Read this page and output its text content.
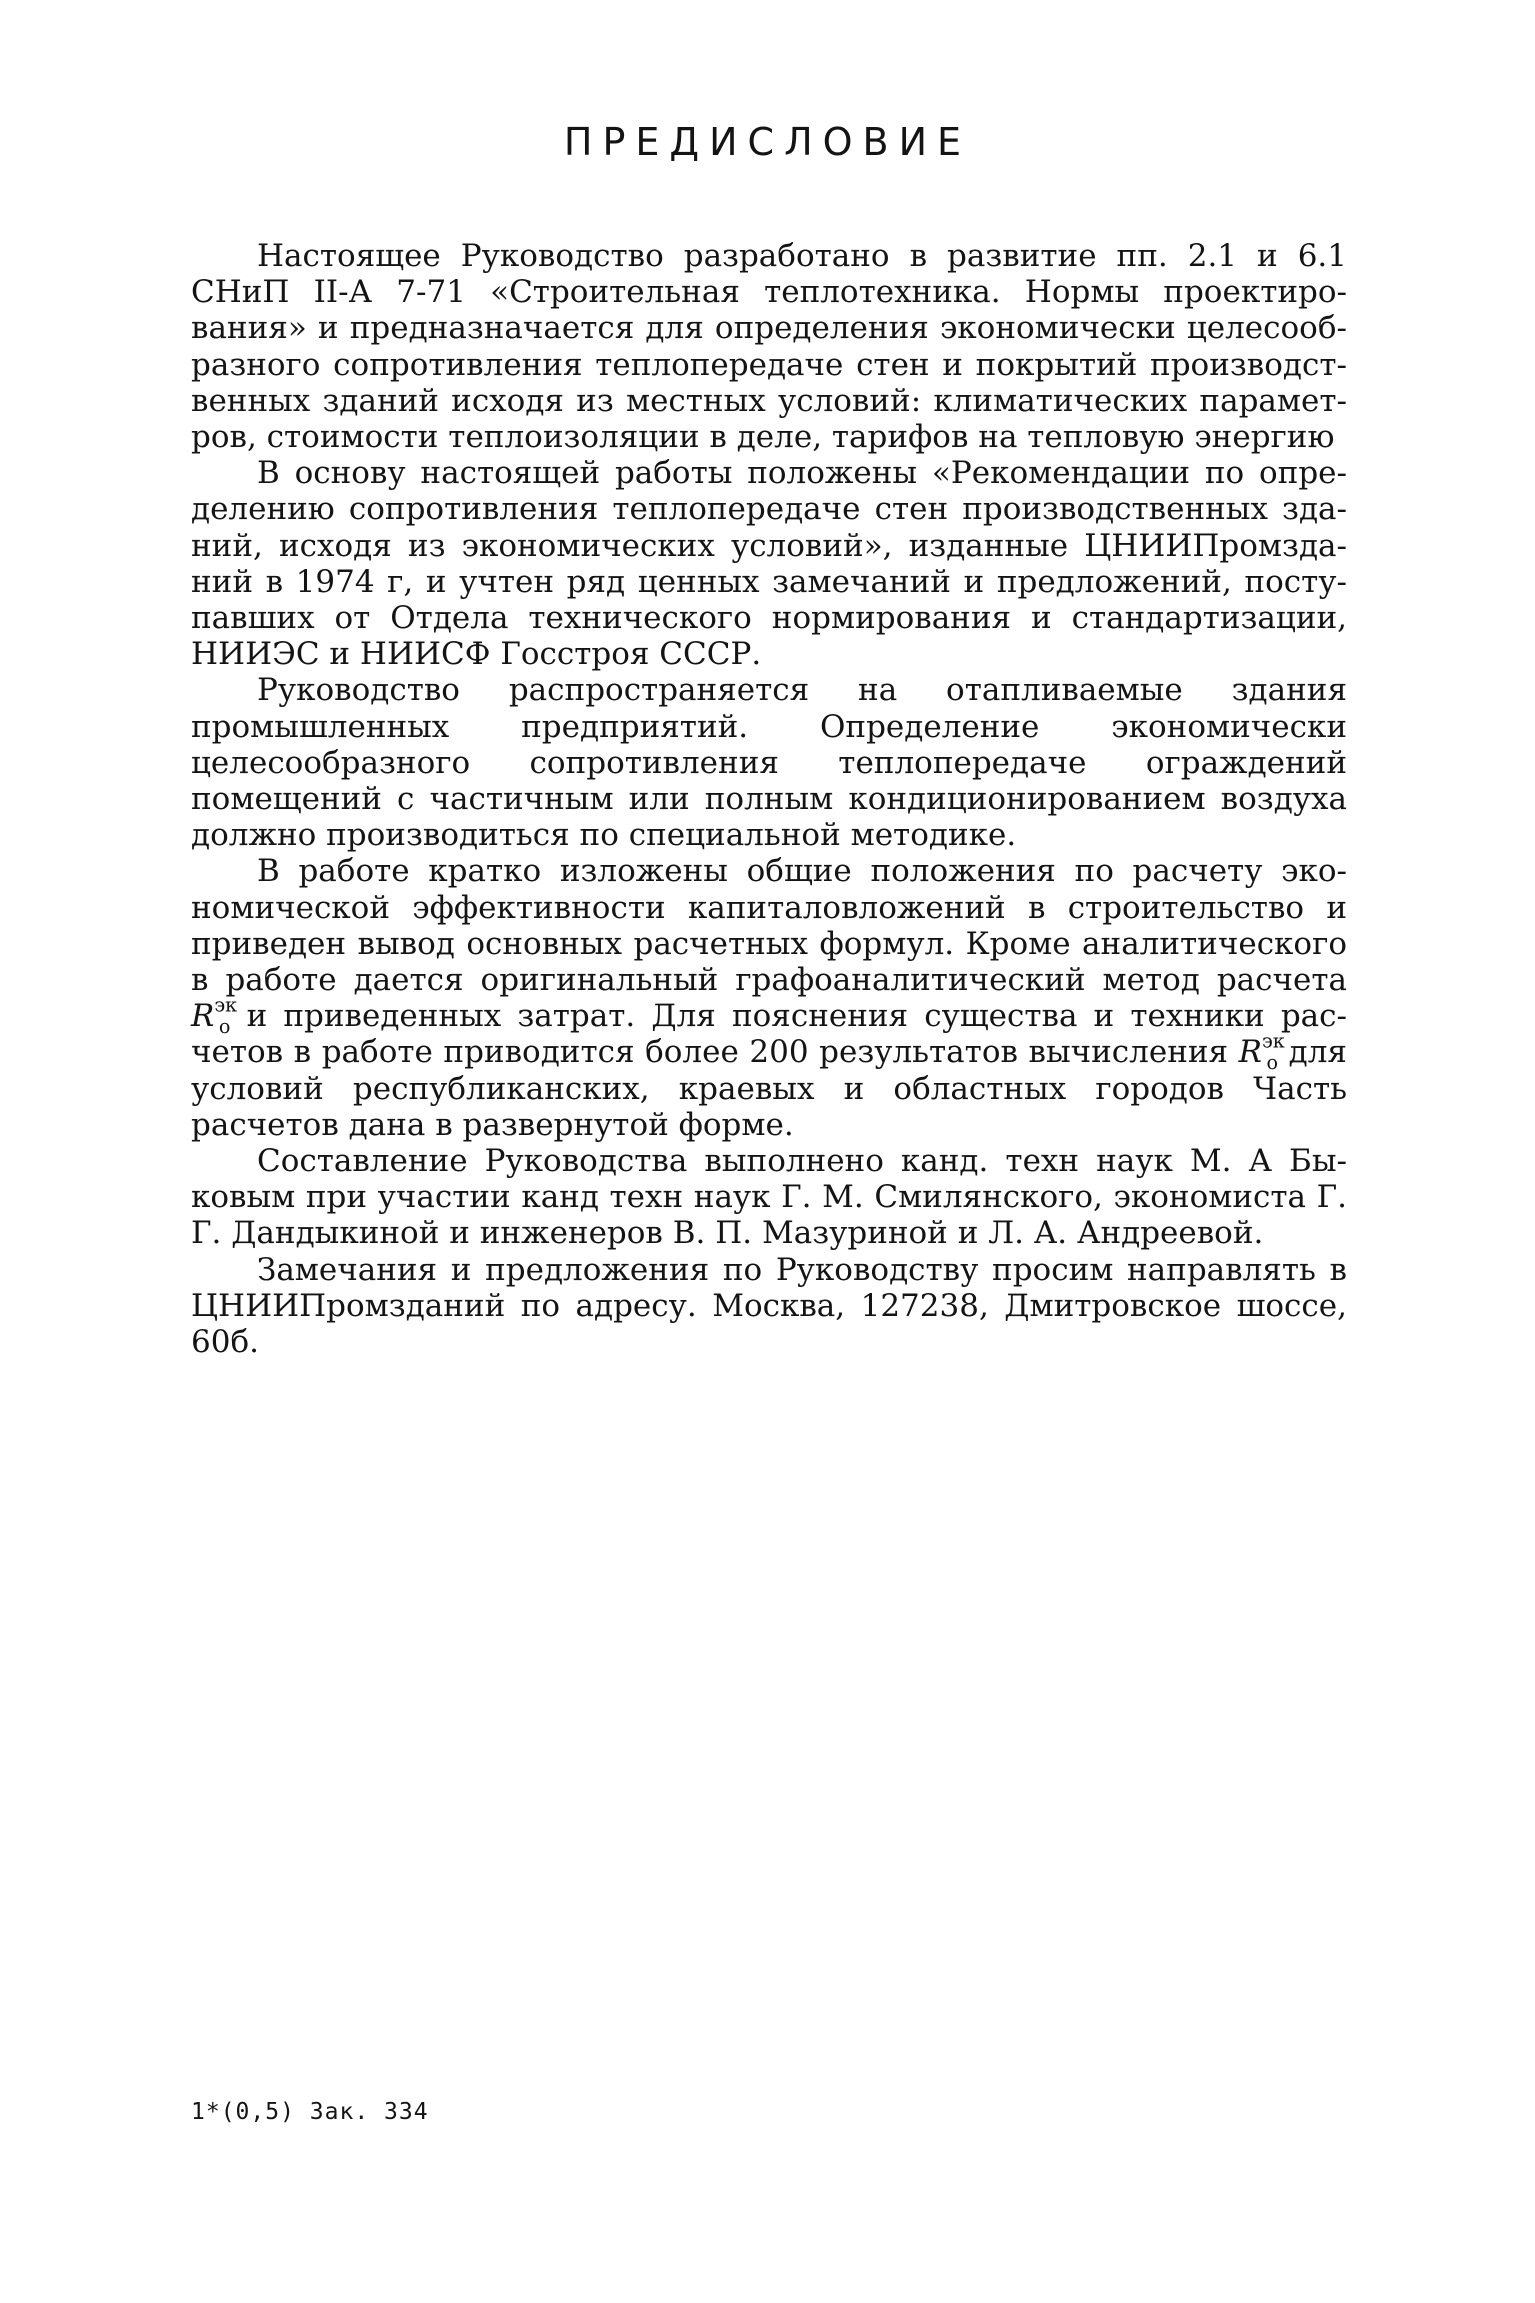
ПРЕДИСЛОВИЕ

Настоящее Руководство разработано в развитие пп. 2.1 и 6.1 СНиП II-А 7-71 «Строительная теплотехника. Нормы проектирования» и предназначается для определения экономически целесообразного сопротивления теплопередаче стен и покрытий производственных зданий исходя из местных условий: климатических параметров, стоимости теплоизоляции в деле, тарифов на тепловую энергию

В основу настоящей работы положены «Рекомендации по определению сопротивления теплопередаче стен производственных зданий, исходя из экономических условий», изданные ЦНИИПромзданий в 1974 г, и учтен ряд ценных замечаний и предложений, поступавших от Отдела технического нормирования и стандартизации, НИИЭС и НИИСФ Госстроя СССР.

Руководство распространяется на отапливаемые здания промышленных предприятий. Определение экономически целесообразного сопротивления теплопередаче ограждений помещений с частичным или полным кондиционированием воздуха должно производиться по специальной методике.

В работе кратко изложены общие положения по расчету экономической эффективности капиталовложений в строительство и приведен вывод основных расчетных формул. Кроме аналитического в работе дается оригинальный графоаналитический метод расчета $R^{эк}_о$ и приведенных затрат. Для пояснения существа и техники расчетов в работе приводится более 200 результатов вычисления $R^{эк}_о$ для условий республиканских, краевых и областных городов Часть расчетов дана в развернутой форме.

Составление Руководства выполнено канд. техн наук М. А Быковым при участии канд техн наук Г. М. Смилянского, экономиста Г. Г. Дандыкиной и инженеров В. П. Мазуриной и Л. А. Андреевой.

Замечания и предложения по Руководству просим направлять в ЦНИИПромзданий по адресу. Москва, 127238, Дмитровское шоссе, 60б.

1*(0,5) Зак. 334
